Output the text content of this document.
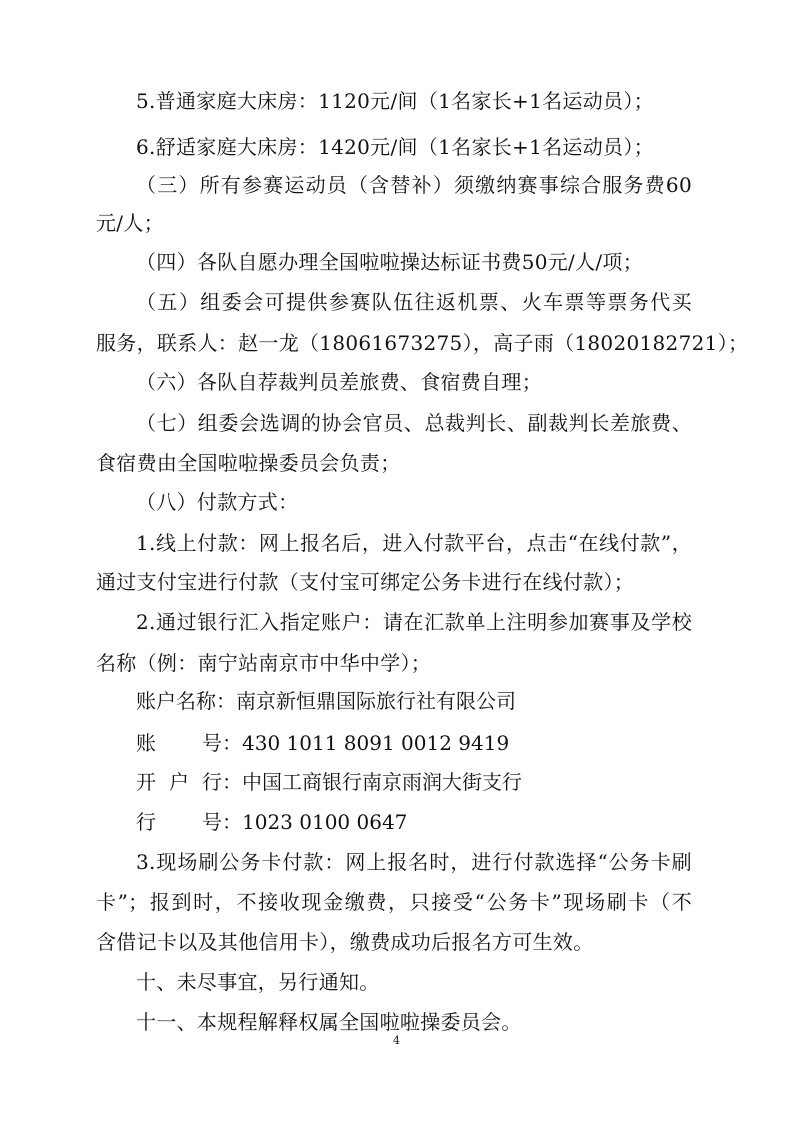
5.普通家庭大床房：1120元/间（1名家长+1名运动员）；
6.舒适家庭大床房：1420元/间（1名家长+1名运动员）；
（三）所有参赛运动员（含替补）须缴纳赛事综合服务费60
元/人；
（四）各队自愿办理全国啦啦操达标证书费50元/人/项；
（五）组委会可提供参赛队伍往返机票、火车票等票务代买
服务，联系人：赵一龙（18061673275），高子雨（18020182721）；
（六）各队自荐裁判员差旅费、食宿费自理；
（七）组委会选调的协会官员、总裁判长、副裁判长差旅费、
食宿费由全国啦啦操委员会负责；
（八）付款方式：
1.线上付款：网上报名后，进入付款平台，点击“在线付款”，
通过支付宝进行付款（支付宝可绑定公务卡进行在线付款）；
2.通过银行汇入指定账户：请在汇款单上注明参加赛事及学校
名称（例：南宁站南京市中华中学）；
账户名称：南京新恒鼎国际旅行社有限公司
账 号：430 1011 8091 0012 9419
开 户 行：中国工商银行南京雨润大街支行
行 号：1023 0100 0647
3.现场刷公务卡付款：网上报名时，进行付款选择“公务卡刷
卡”；报到时，不接收现金缴费，只接受“公务卡”现场刷卡（不
含借记卡以及其他信用卡），缴费成功后报名方可生效。
十、未尽事宜，另行通知。
十一、本规程解释权属全国啦啦操委员会。
4
